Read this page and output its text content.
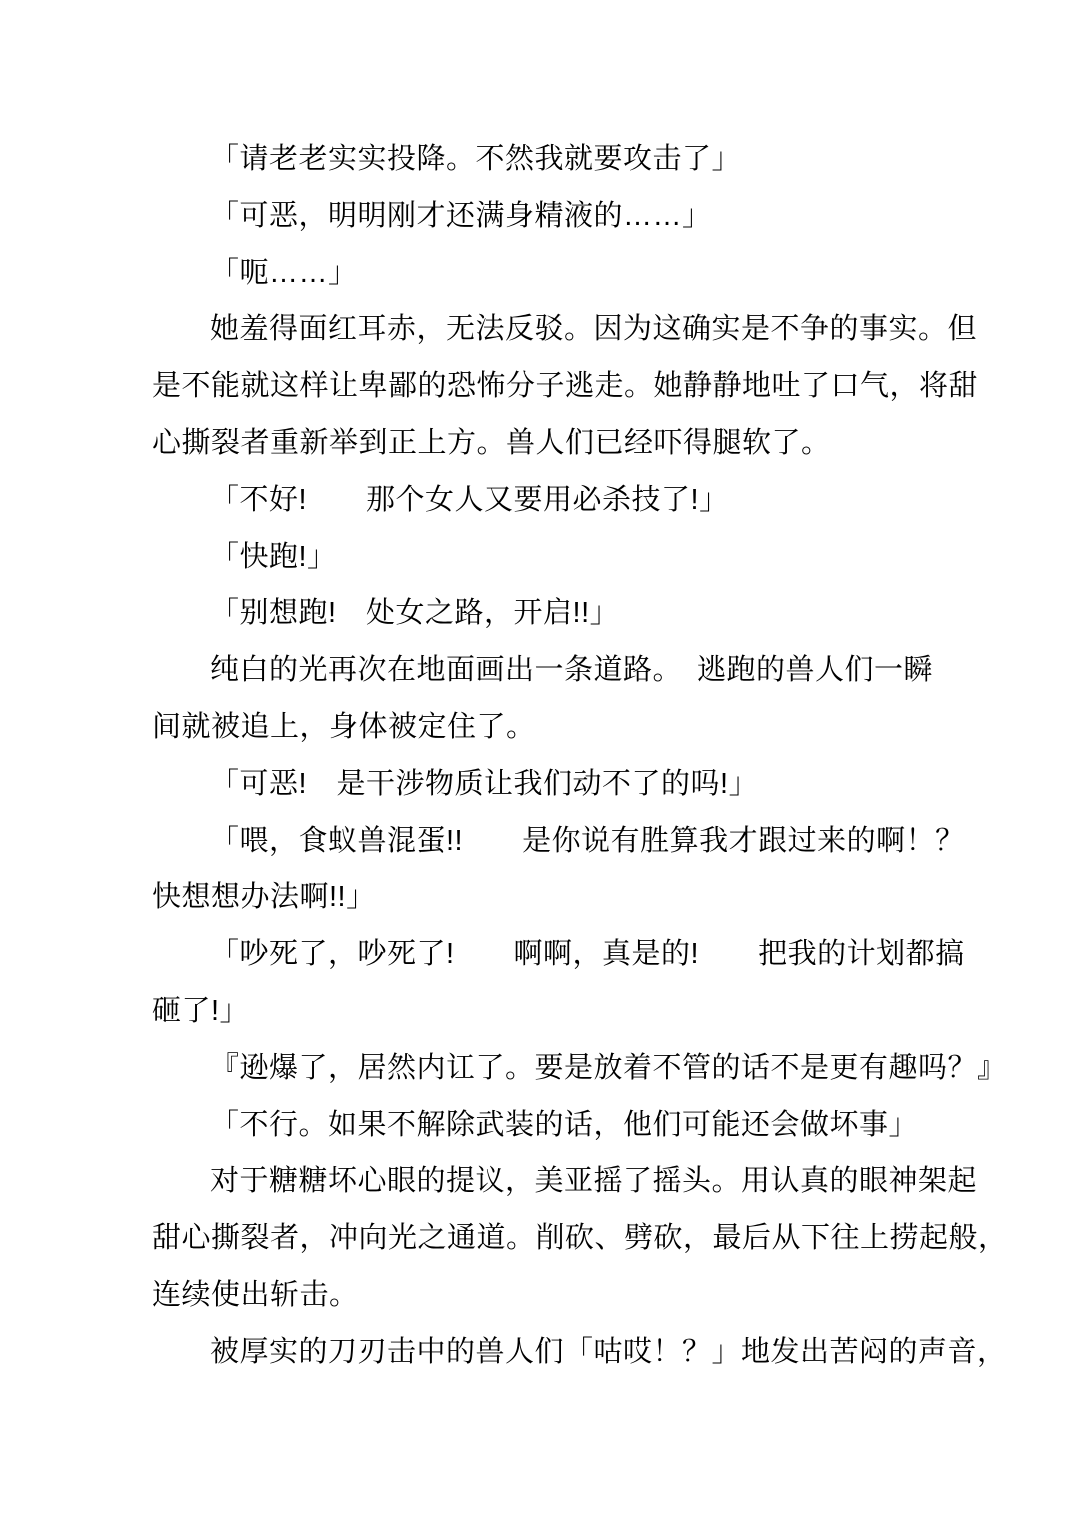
「请老老实实投降。不然我就要攻击了」
「可恶，明明刚才还满身精液的……」
「呃……」
她羞得面红耳赤，无法反驳。因为这确实是不争的事实。但
是不能就这样让卑鄙的恐怖分子逃走。她静静地吐了口气，将甜
心撕裂者重新举到正上方。兽人们已经吓得腿软了。
「不好!　　那个女人又要用必杀技了!」
「快跑!」
「别想跑!　处女之路，开启!!」
纯白的光再次在地面画出一条道路。　逃跑的兽人们一瞬
间就被追上，身体被定住了。
「可恶!　是干涉物质让我们动不了的吗!」
「喂，食蚁兽混蛋!!　　是你说有胜算我才跟过来的啊！？
快想想办法啊!!」
「吵死了，吵死了!　　啊啊，真是的!　　把我的计划都搞
砸了!」
『逊爆了，居然内讧了。要是放着不管的话不是更有趣吗？』
「不行。如果不解除武装的话，他们可能还会做坏事」
对于糖糖坏心眼的提议，美亚摇了摇头。用认真的眼神架起
甜心撕裂者，冲向光之通道。削砍、劈砍，最后从下往上捞起般，
连续使出斩击。
被厚实的刀刃击中的兽人们「咕哎！？」地发出苦闷的声音，
